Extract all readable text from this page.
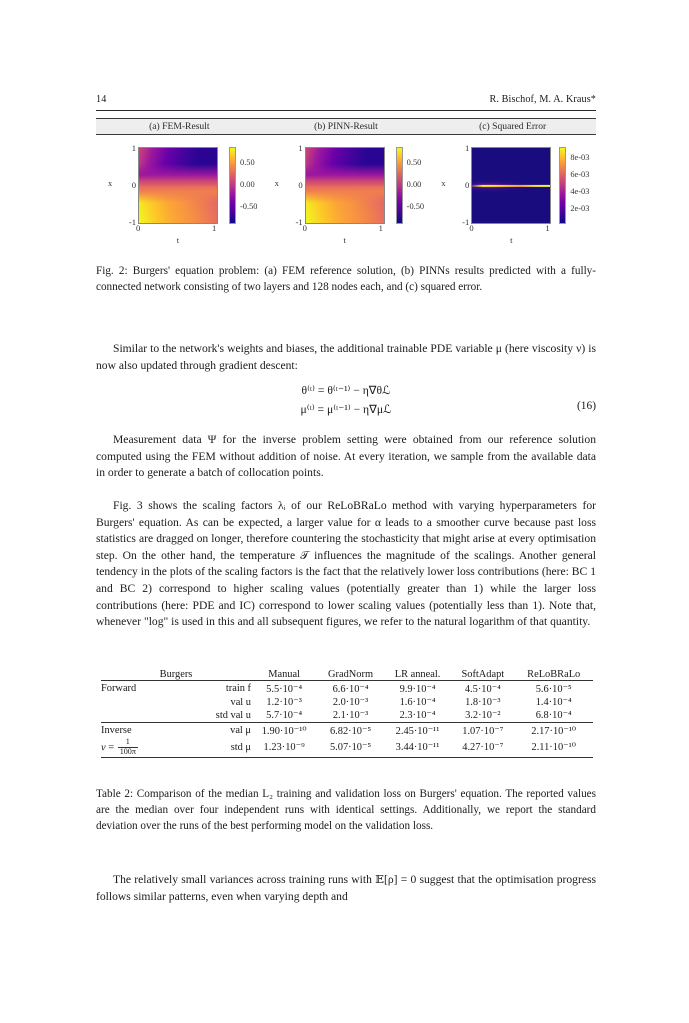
14	R. Bischof, M. A. Kraus*
(a) FEM-Result	(b) PINN-Result	(c) Squared Error
x
1
0
-1
0	1
t
0.50
0.00
-0.50
x
1
0
-1
0	1
t
0.50
0.00
-0.50
x
1
0
-1
0	1
t
8e-03
6e-03
4e-03
2e-03
Fig. 2: Burgers' equation problem: (a) FEM reference solution, (b) PINNs results predicted with a fully-connected network consisting of two layers and 128 nodes each, and (c) squared error.

Similar to the network's weights and biases, the additional trainable PDE variable μ (here viscosity ν) is now also updated through gradient descent:

θ⁽ᵗ⁾ = θ⁽ᵗ⁻¹⁾ − η∇θℒ
μ⁽ᵗ⁾ = μ⁽ᵗ⁻¹⁾ − η∇μℒ	(16)

Measurement data Ψ for the inverse problem setting were obtained from our reference solution computed using the FEM without addition of noise. At every iteration, we sample from the available data in order to generate a batch of collocation points.

Fig. 3 shows the scaling factors λᵢ of our ReLoBRaLo method with varying hyperparameters for Burgers' equation. As can be expected, a larger value for α leads to a smoother curve because past loss statistics are dragged on longer, therefore countering the stochasticity that might arise at every optimisation step. On the other hand, the temperature 𝒯 influences the magnitude of the scalings. Another general tendency in the plots of the scaling factors is the fact that the relatively lower loss contributions (here: BC 1 and BC 2) correspond to higher scaling values (potentially greater than 1) while the larger loss contributions (here: PDE and IC) correspond to lower scaling values (potentially less than 1). Note that, whenever "log" is used in this and all subsequent figures, we refer to the natural logarithm of that quantity.

Burgers		Manual	GradNorm	LR anneal.	SoftAdapt	ReLoBRaLo

Forward	train f	5.5·10⁻⁴	6.6·10⁻⁴	9.9·10⁻⁴	4.5·10⁻⁴	5.6·10⁻⁵
	val u	1.2·10⁻³	2.0·10⁻³	1.6·10⁻⁴	1.8·10⁻³	1.4·10⁻⁴
	std val u	5.7·10⁻⁴	2.1·10⁻³	2.3·10⁻⁴	3.2·10⁻²	6.8·10⁻⁴

Inverse	val μ	1.90·10⁻¹⁰	6.82·10⁻⁵	2.45·10⁻¹¹	1.07·10⁻⁷	2.17·10⁻¹⁰
$\nu = \frac{1}{100\pi}$	std μ	1.23·10⁻⁹	5.07·10⁻⁵	3.44·10⁻¹¹	4.27·10⁻⁷	2.11·10⁻¹⁰

Table 2: Comparison of the median L₂ training and validation loss on Burgers' equation. The reported values are the median over four independent runs with identical settings. Additionally, we report the standard deviation over the runs of the best performing model on the validation loss.

The relatively small variances across training runs with 𝔼[ρ] = 0 suggest that the optimisation progress follows similar patterns, even when varying depth and
